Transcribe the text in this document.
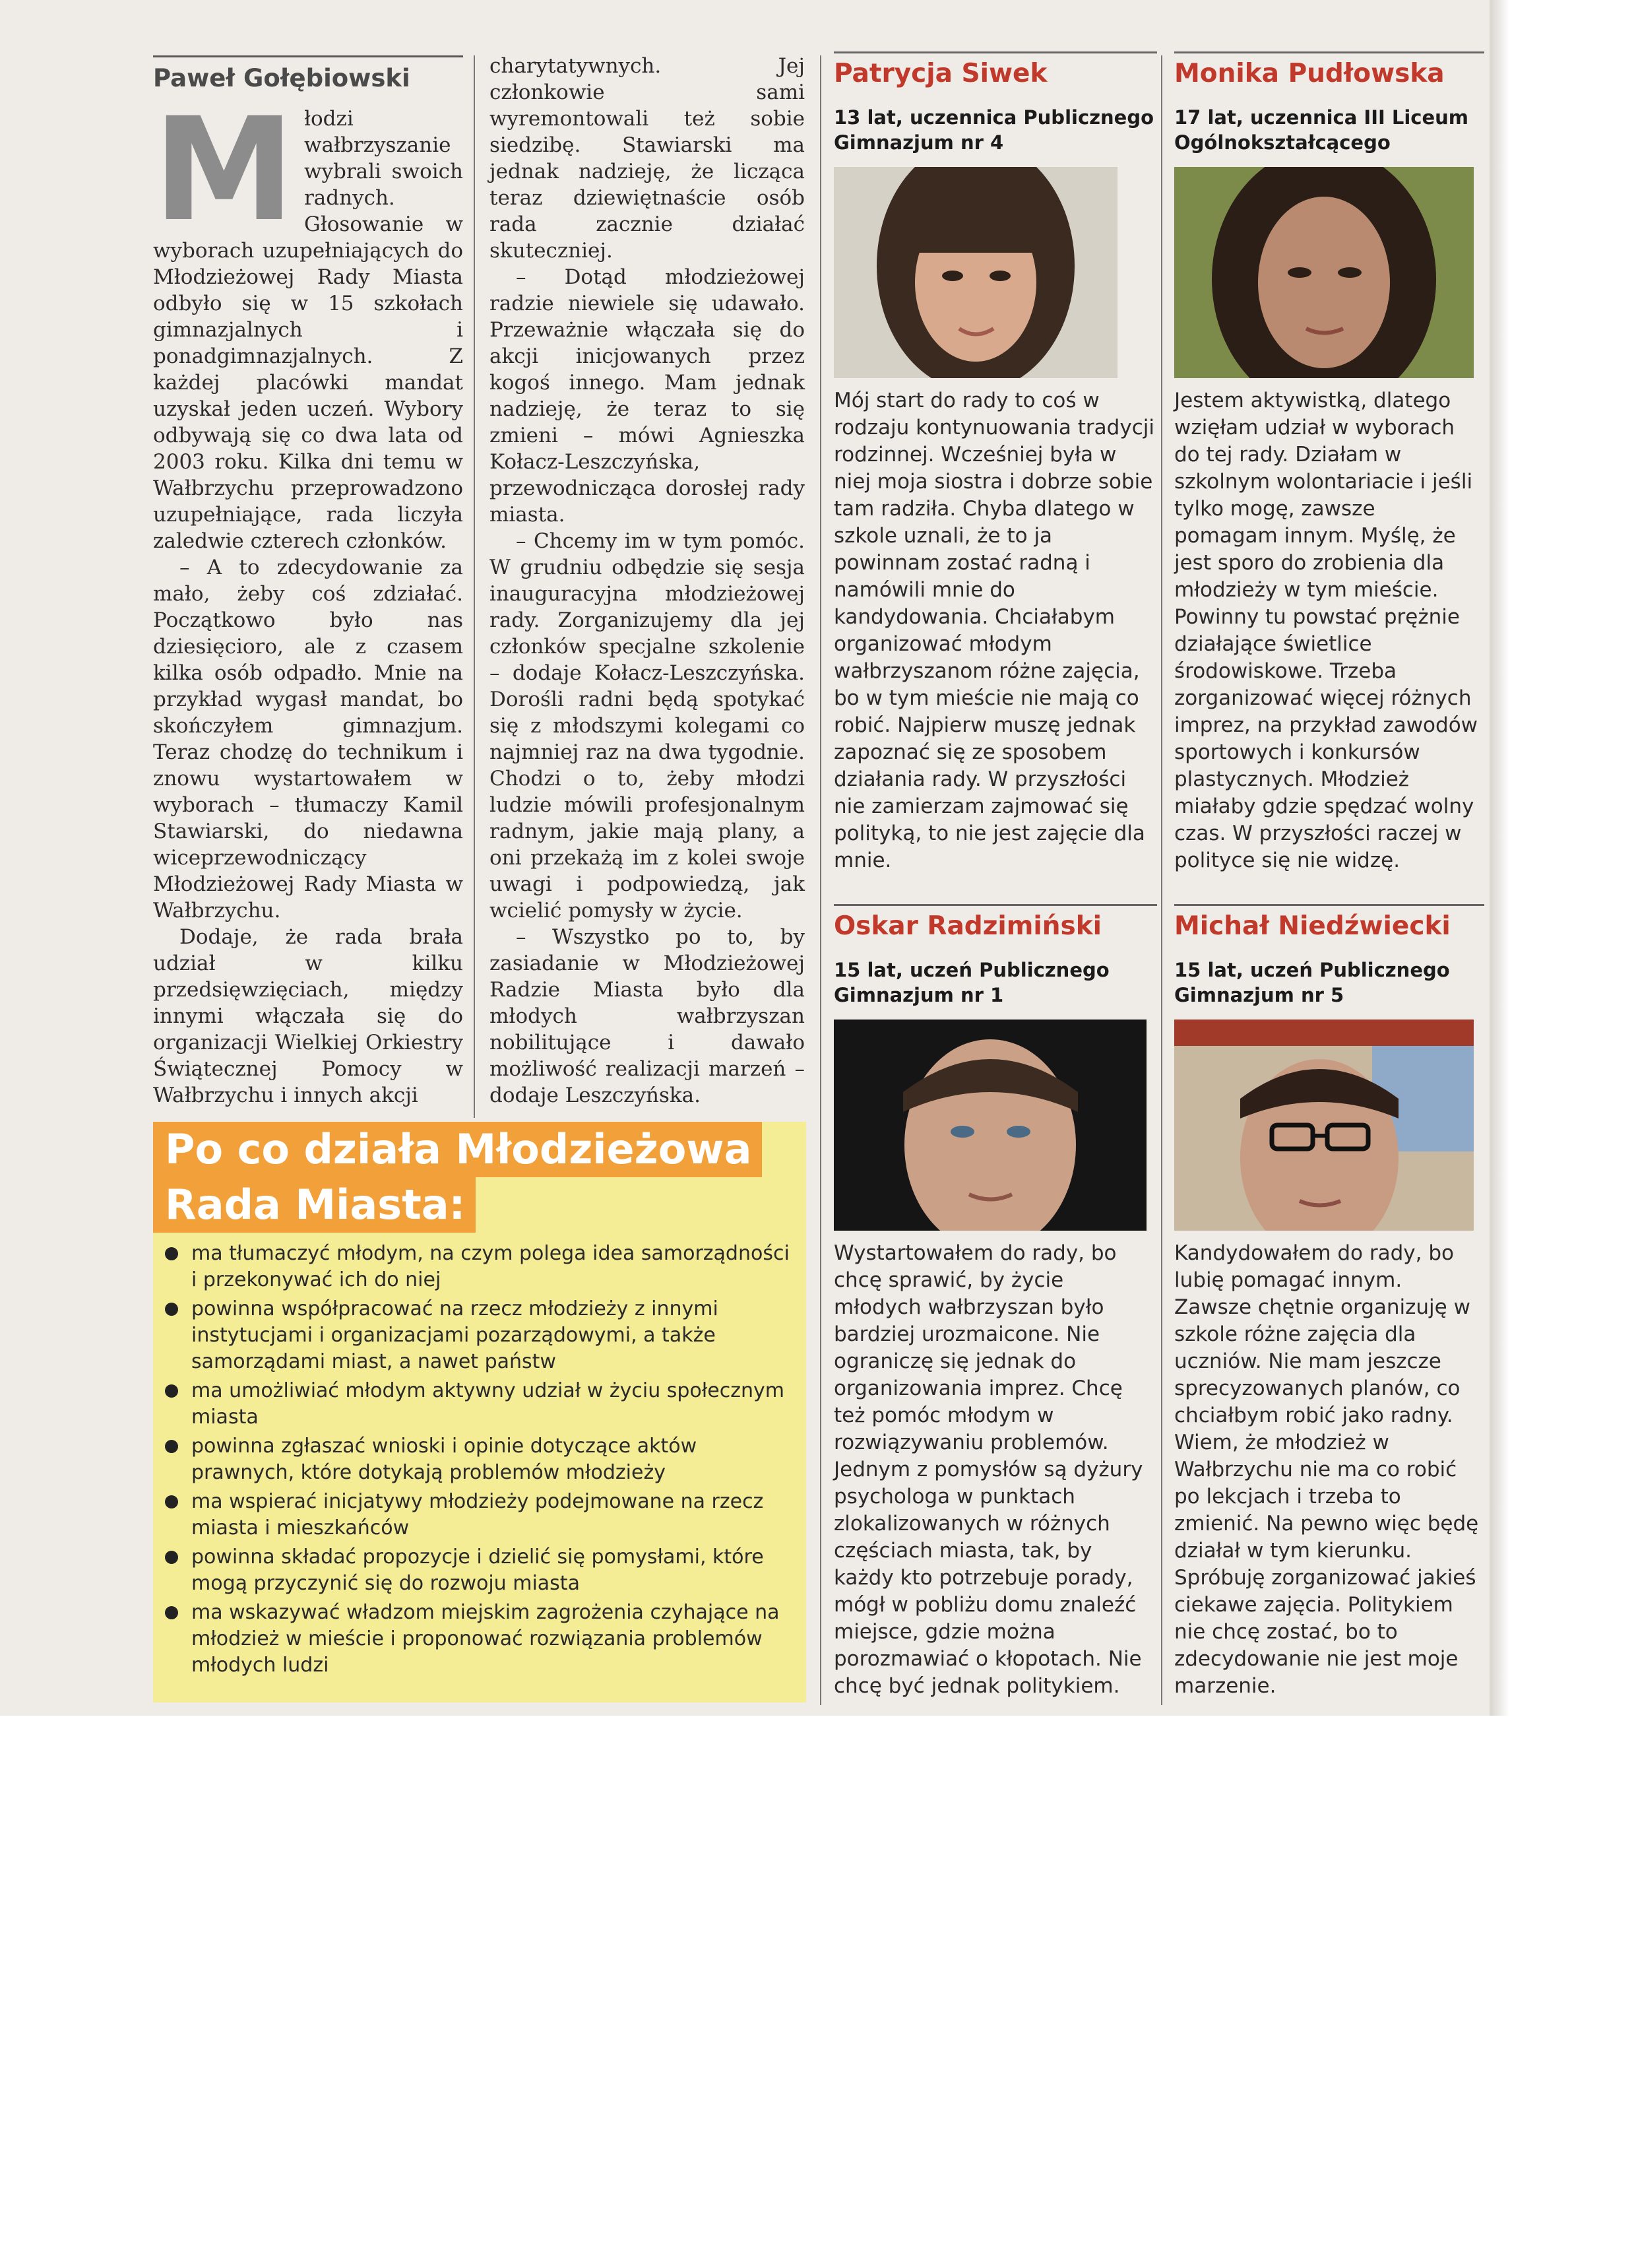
Paweł Gołębiowski
M łodzi wałbrzyszanie wybrali swoich radnych. Głosowanie w wyborach uzupełniających do Młodzieżowej Rady Miasta odbyło się w 15 szkołach gimnazjalnych i ponadgimnazjalnych. Z każdej placówki mandat uzyskał jeden uczeń. Wybory odbywają się co dwa lata od 2003 roku. Kilka dni temu w Wałbrzychu przeprowadzono uzupełniające, rada liczyła zaledwie czterech członków.

– A to zdecydowanie za mało, żeby coś zdziałać. Początkowo było nas dziesięcioro, ale z czasem kilka osób odpadło. Mnie na przykład wygasł mandat, bo skończyłem gimnazjum. Teraz chodzę do technikum i znowu wystartowałem w wyborach – tłumaczy Kamil Stawiarski, do niedawna wiceprzewodniczący Młodzieżowej Rady Miasta w Wałbrzychu.

Dodaje, że rada brała udział w kilku przedsięwzięciach, między innymi włączała się do organizacji Wielkiej Orkiestry Świątecznej Pomocy w Wałbrzychu i innych akcji

charytatywnych. Jej członkowie sami wyremontowali też sobie siedzibę. Stawiarski ma jednak nadzieję, że licząca teraz dziewiętnaście osób rada zacznie działać skuteczniej.

– Dotąd młodzieżowej radzie niewiele się udawało. Przeważnie włączała się do akcji inicjowanych przez kogoś innego. Mam jednak nadzieję, że teraz to się zmieni – mówi Agnieszka Kołacz-Leszczyńska, przewodnicząca dorosłej rady miasta.

– Chcemy im w tym pomóc. W grudniu odbędzie się sesja inauguracyjna młodzieżowej rady. Zorganizujemy dla jej członków specjalne szkolenie – dodaje Kołacz-Leszczyńska. Dorośli radni będą spotykać się z młodszymi kolegami co najmniej raz na dwa tygodnie. Chodzi o to, żeby młodzi ludzie mówili profesjonalnym radnym, jakie mają plany, a oni przekażą im z kolei swoje uwagi i podpowiedzą, jak wcielić pomysły w życie.

– Wszystko po to, by zasiadanie w Młodzieżowej Radzie Miasta było dla młodych wałbrzyszan nobilitujące i dawało możliwość realizacji marzeń – dodaje Leszczyńska.

Po co działa Młodzieżowa
Rada Miasta:
ma tłumaczyć młodym, na czym polega idea samorządności i przekonywać ich do niej
powinna współpracować na rzecz młodzieży z innymi instytucjami i organizacjami pozarządowymi, a także samorządami miast, a nawet państw
ma umożliwiać młodym aktywny udział w życiu społecznym miasta
powinna zgłaszać wnioski i opinie dotyczące aktów prawnych, które dotykają problemów młodzieży
ma wspierać inicjatywy młodzieży podejmowane na rzecz miasta i mieszkańców
powinna składać propozycje i dzielić się pomysłami, które mogą przyczynić się do rozwoju miasta
ma wskazywać władzom miejskim zagrożenia czyhające na młodzież w mieście i proponować rozwiązania problemów młodych ludzi
Patrycja Siwek
13 lat, uczennica Publicznego Gimnazjum nr 4
Mój start do rady to coś w rodzaju kontynuowania tradycji rodzinnej. Wcześniej była w niej moja siostra i dobrze sobie tam radziła. Chyba dlatego w szkole uznali, że to ja powinnam zostać radną i namówili mnie do kandydowania. Chciałabym organizować młodym wałbrzyszanom różne zajęcia, bo w tym mieście nie mają co robić. Najpierw muszę jednak zapoznać się ze sposobem działania rady. W przyszłości nie zamierzam zajmować się polityką, to nie jest zajęcie dla mnie.
Monika Pudłowska
17 lat, uczennica III Liceum Ogólnokształcącego
Jestem aktywistką, dlatego wzięłam udział w wyborach do tej rady. Działam w szkolnym wolontariacie i jeśli tylko mogę, zawsze pomagam innym. Myślę, że jest sporo do zrobienia dla młodzieży w tym mieście. Powinny tu powstać prężnie działające świetlice środowiskowe. Trzeba zorganizować więcej różnych imprez, na przykład zawodów sportowych i konkursów plastycznych. Młodzież miałaby gdzie spędzać wolny czas. W przyszłości raczej w polityce się nie widzę.
Oskar Radzimiński
15 lat, uczeń Publicznego Gimnazjum nr 1
Wystartowałem do rady, bo chcę sprawić, by życie młodych wałbrzyszan było bardziej urozmaicone. Nie ograniczę się jednak do organizowania imprez. Chcę też pomóc młodym w rozwiązywaniu problemów. Jednym z pomysłów są dyżury psychologa w punktach zlokalizowanych w różnych częściach miasta, tak, by każdy kto potrzebuje porady, mógł w pobliżu domu znaleźć miejsce, gdzie można porozmawiać o kłopotach. Nie chcę być jednak politykiem.
Michał Niedźwiecki
15 lat, uczeń Publicznego Gimnazjum nr 5
Kandydowałem do rady, bo lubię pomagać innym. Zawsze chętnie organizuję w szkole różne zajęcia dla uczniów. Nie mam jeszcze sprecyzowanych planów, co chciałbym robić jako radny. Wiem, że młodzież w Wałbrzychu nie ma co robić po lekcjach i trzeba to zmienić. Na pewno więc będę działał w tym kierunku. Spróbuję zorganizować jakieś ciekawe zajęcia. Politykiem nie chcę zostać, bo to zdecydowanie nie jest moje marzenie.
